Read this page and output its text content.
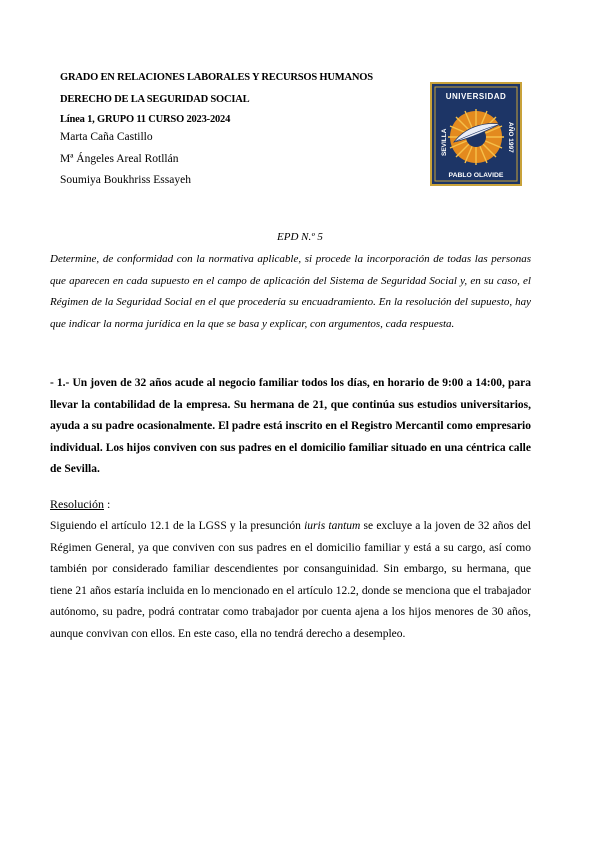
GRADO EN RELACIONES LABORALES Y RECURSOS HUMANOS
DERECHO DE LA SEGURIDAD SOCIAL
Línea 1, GRUPO 11 CURSO 2023-2024
Marta Caña Castillo
Mª Ángeles Areal Rotllán
Soumiya Boukhriss Essayeh
UNIVERSIDAD
SEVILLA	AÑO 1997
PABLO OLAVIDE
EPD N.º 5
Determine, de conformidad con la normativa aplicable, si procede la incorporación de todas las personas que aparecen en cada supuesto en el campo de aplicación del Sistema de Seguridad Social y, en su caso, el Régimen de la Seguridad Social en el que procedería su encuadramiento. En la resolución del supuesto, hay que indicar la norma jurídica en la que se basa y explicar, con argumentos, cada respuesta.
- 1.- Un joven de 32 años acude al negocio familiar todos los días, en horario de 9:00 a 14:00, para llevar la contabilidad de la empresa. Su hermana de 21, que continúa sus estudios universitarios, ayuda a su padre ocasionalmente. El padre está inscrito en el Registro Mercantil como empresario individual. Los hijos conviven con sus padres en el domicilio familiar situado en una céntrica calle de Sevilla.
Resolución :
Siguiendo el artículo 12.1 de la LGSS y la presunción iuris tantum se excluye a la joven de 32 años del Régimen General, ya que conviven con sus padres en el domicilio familiar y está a su cargo, así como también por considerado familiar descendientes por consanguinidad. Sin embargo, su hermana, que tiene 21 años estaría incluida en lo mencionado en el artículo 12.2, donde se menciona que el trabajador autónomo, su padre, podrá contratar como trabajador por cuenta ajena a los hijos menores de 30 años, aunque convivan con ellos. En este caso, ella no tendrá derecho a desempleo.
